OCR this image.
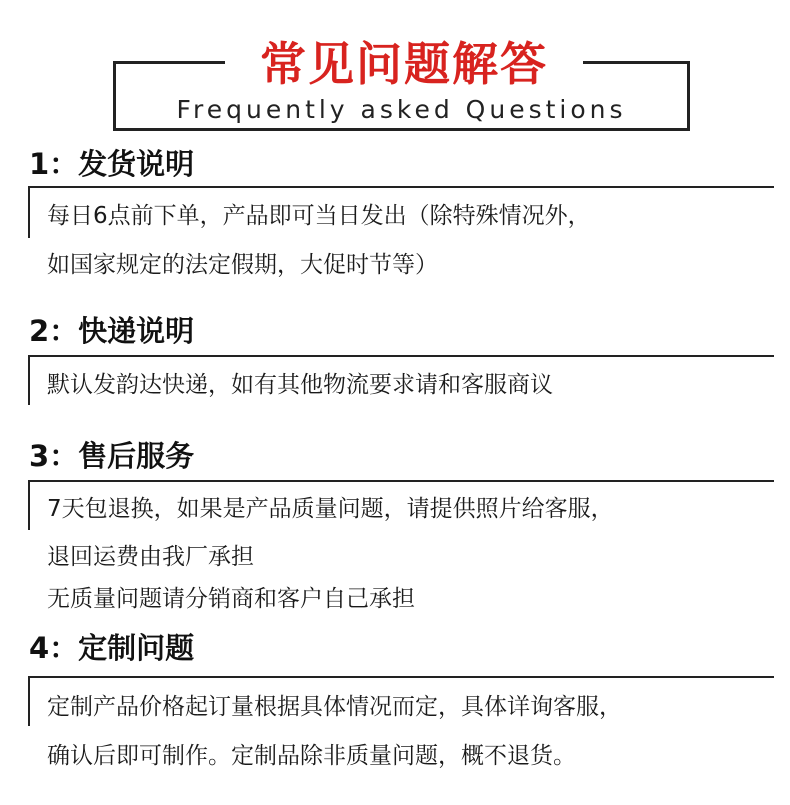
常见问题解答
Frequently asked Questions
1：发货说明
每日6点前下单，产品即可当日发出（除特殊情况外，
如国家规定的法定假期，大促时节等）
2：快递说明
默认发韵达快递，如有其他物流要求请和客服商议
3：售后服务
7天包退换，如果是产品质量问题，请提供照片给客服，
退回运费由我厂承担
无质量问题请分销商和客户自己承担
4：定制问题
定制产品价格起订量根据具体情况而定，具体详询客服，
确认后即可制作。定制品除非质量问题，概不退货。
